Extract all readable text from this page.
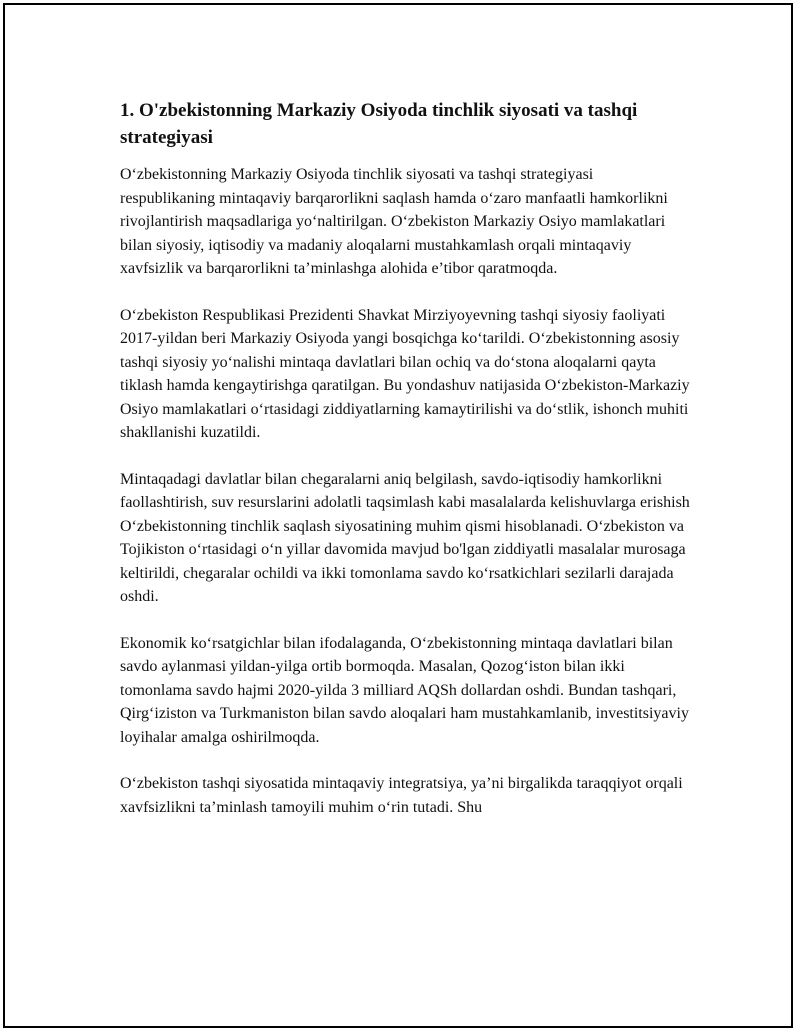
1. O'zbekistonning Markaziy Osiyoda tinchlik siyosati va tashqi strategiyasi

O‘zbekistonning Markaziy Osiyoda tinchlik siyosati va tashqi strategiyasi respublikaning mintaqaviy barqarorlikni saqlash hamda o‘zaro manfaatli hamkorlikni rivojlantirish maqsadlariga yo‘naltirilgan. O‘zbekiston Markaziy Osiyo mamlakatlari bilan siyosiy, iqtisodiy va madaniy aloqalarni mustahkamlash orqali mintaqaviy xavfsizlik va barqarorlikni ta’minlashga alohida e’tibor qaratmoqda.

O‘zbekiston Respublikasi Prezidenti Shavkat Mirziyoyevning tashqi siyosiy faoliyati 2017-yildan beri Markaziy Osiyoda yangi bosqichga ko‘tarildi. O‘zbekistonning asosiy tashqi siyosiy yo‘nalishi mintaqa davlatlari bilan ochiq va do‘stona aloqalarni qayta tiklash hamda kengaytirishga qaratilgan. Bu yondashuv natijasida O‘zbekiston-Markaziy Osiyo mamlakatlari o‘rtasidagi ziddiyatlarning kamaytirilishi va do‘stlik, ishonch muhiti shakllanishi kuzatildi.

Mintaqadagi davlatlar bilan chegaralarni aniq belgilash, savdo-iqtisodiy hamkorlikni faollashtirish, suv resurslarini adolatli taqsimlash kabi masalalarda kelishuvlarga erishish O‘zbekistonning tinchlik saqlash siyosatining muhim qismi hisoblanadi. O‘zbekiston va Tojikiston o‘rtasidagi o‘n yillar davomida mavjud bo'lgan ziddiyatli masalalar murosaga keltirildi, chegaralar ochildi va ikki tomonlama savdo ko‘rsatkichlari sezilarli darajada oshdi.

Ekonomik ko‘rsatgichlar bilan ifodalaganda, O‘zbekistonning mintaqa davlatlari bilan savdo aylanmasi yildan-yilga ortib bormoqda. Masalan, Qozog‘iston bilan ikki tomonlama savdo hajmi 2020-yilda 3 milliard AQSh dollardan oshdi. Bundan tashqari, Qirg‘iziston va Turkmaniston bilan savdo aloqalari ham mustahkamlanib, investitsiyaviy loyihalar amalga oshirilmoqda.

O‘zbekiston tashqi siyosatida mintaqaviy integratsiya, ya’ni birgalikda taraqqiyot orqali xavfsizlikni ta’minlash tamoyili muhim o‘rin tutadi. Shu
